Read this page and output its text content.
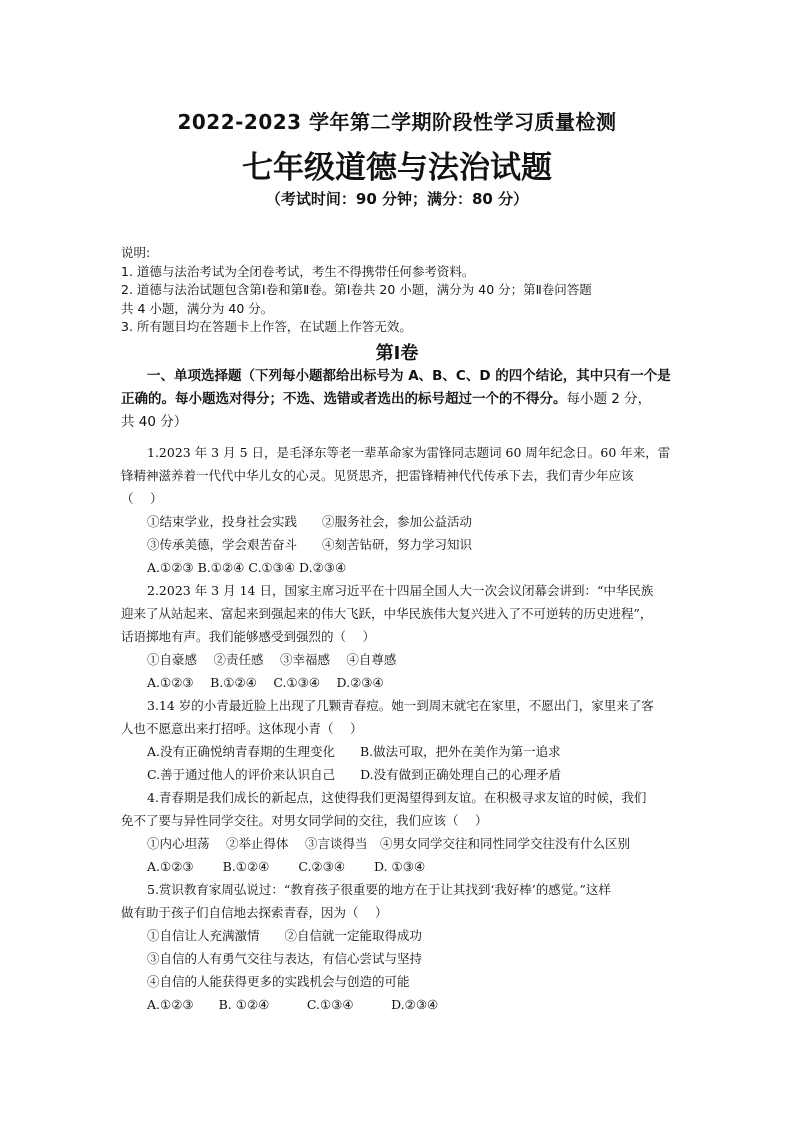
2022-2023 学年第二学期阶段性学习质量检测
七年级道德与法治试题
（考试时间：90 分钟；满分：80 分）
说明:
1. 道德与法治考试为全闭卷考试，考生不得携带任何参考资料。
2. 道德与法治试题包含第Ⅰ卷和第Ⅱ卷。第Ⅰ卷共 20 小题，满分为 40 分；第Ⅱ卷问答题
共 4 小题，满分为 40 分。
3. 所有题目均在答题卡上作答，在试题上作答无效。
第Ⅰ卷
一、单项选择题（下列每小题都给出标号为 A、B、C、D 的四个结论，其中只有一个是
正确的。每小题选对得分；不选、选错或者选出的标号超过一个的不得分。每小题 2 分，
共 40 分）
1.2023 年 3 月 5 日，是毛泽东等老一辈革命家为雷锋同志题词 60 周年纪念日。60 年来，雷
锋精神滋养着一代代中华儿女的心灵。见贤思齐，把雷锋精神代代传承下去，我们青少年应该
（　 ）
①结束学业，投身社会实践　　②服务社会，参加公益活动
③传承美德，学会艰苦奋斗　　④刻苦钻研，努力学习知识
A.①②③ B.①②④ C.①③④ D.②③④
2.2023 年 3 月 14 日，国家主席习近平在十四届全国人大一次会议闭幕会讲到：“中华民族
迎来了从站起来、富起来到强起来的伟大飞跃，中华民族伟大复兴进入了不可逆转的历史进程”，
话语掷地有声。我们能够感受到强烈的（　 ）
①自豪感　 ②责任感　 ③幸福感　 ④自尊感
A.①②③　 B.①②④　 C.①③④　 D.②③④
3.14 岁的小青最近脸上出现了几颗青春痘。她一到周末就宅在家里，不愿出门，家里来了客
人也不愿意出来打招呼。这体现小青（　 ）
A.没有正确悦纳青春期的生理变化　　B.做法可取，把外在美作为第一追求
C.善于通过他人的评价来认识自己　　D.没有做到正确处理自己的心理矛盾
4.青春期是我们成长的新起点，这使得我们更渴望得到友谊。在积极寻求友谊的时候，我们
免不了要与异性同学交往。对男女同学间的交往，我们应该（　 ）
①内心坦荡　 ②举止得体　 ③言谈得当　④男女同学交往和同性同学交往没有什么区别
A.①②③　　 B.①②④　　 C.②③④　　 D. ①③④
5.赏识教育家周弘说过：“教育孩子很重要的地方在于让其找到‘我好棒’的感觉。”这样
做有助于孩子们自信地去探索青春，因为（　 ）
①自信让人充满激情　　②自信就一定能取得成功
③自信的人有勇气交往与表达，有信心尝试与坚持
④自信的人能获得更多的实践机会与创造的可能
A.①②③　　B. ①②④　　　C.①③④　　　D.②③④
